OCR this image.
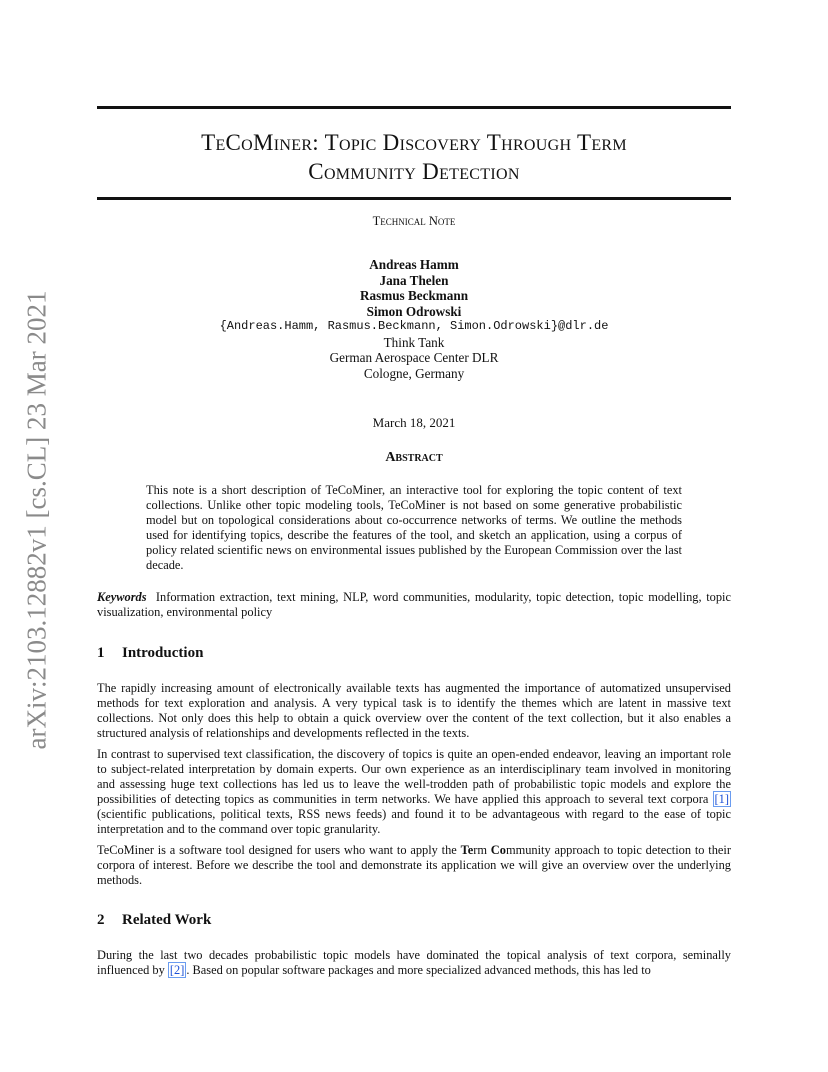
arXiv:2103.12882v1 [cs.CL] 23 Mar 2021
TeCoMiner: Topic Discovery Through Term
Community Detection
Technical Note
Andreas Hamm
Jana Thelen
Rasmus Beckmann
Simon Odrowski
{Andreas.Hamm, Rasmus.Beckmann, Simon.Odrowski}@dlr.de
Think Tank
German Aerospace Center DLR
Cologne, Germany
March 18, 2021
Abstract
This note is a short description of TeCoMiner, an interactive tool for exploring the topic content of text collections. Unlike other topic modeling tools, TeCoMiner is not based on some generative probabilistic model but on topological considerations about co-occurrence networks of terms. We outline the methods used for identifying topics, describe the features of the tool, and sketch an application, using a corpus of policy related scientific news on environmental issues published by the European Commission over the last decade.
Keywords Information extraction, text mining, NLP, word communities, modularity, topic detection, topic modelling, topic visualization, environmental policy
1 Introduction

The rapidly increasing amount of electronically available texts has augmented the importance of automatized unsupervised methods for text exploration and analysis. A very typical task is to identify the themes which are latent in massive text collections. Not only does this help to obtain a quick overview over the content of the text collection, but it also enables a structured analysis of relationships and developments reflected in the texts.

In contrast to supervised text classification, the discovery of topics is quite an open-ended endeavor, leaving an important role to subject-related interpretation by domain experts. Our own experience as an interdisciplinary team involved in monitoring and assessing huge text collections has led us to leave the well-trodden path of probabilistic topic models and explore the possibilities of detecting topics as communities in term networks. We have applied this approach to several text corpora [1] (scientific publications, political texts, RSS news feeds) and found it to be advantageous with regard to the ease of topic interpretation and to the command over topic granularity.

TeCoMiner is a software tool designed for users who want to apply the Term Community approach to topic detection to their corpora of interest. Before we describe the tool and demonstrate its application we will give an overview over the underlying methods.

2 Related Work

During the last two decades probabilistic topic models have dominated the topical analysis of text corpora, seminally influenced by [2] . Based on popular software packages and more specialized advanced methods, this has led to
